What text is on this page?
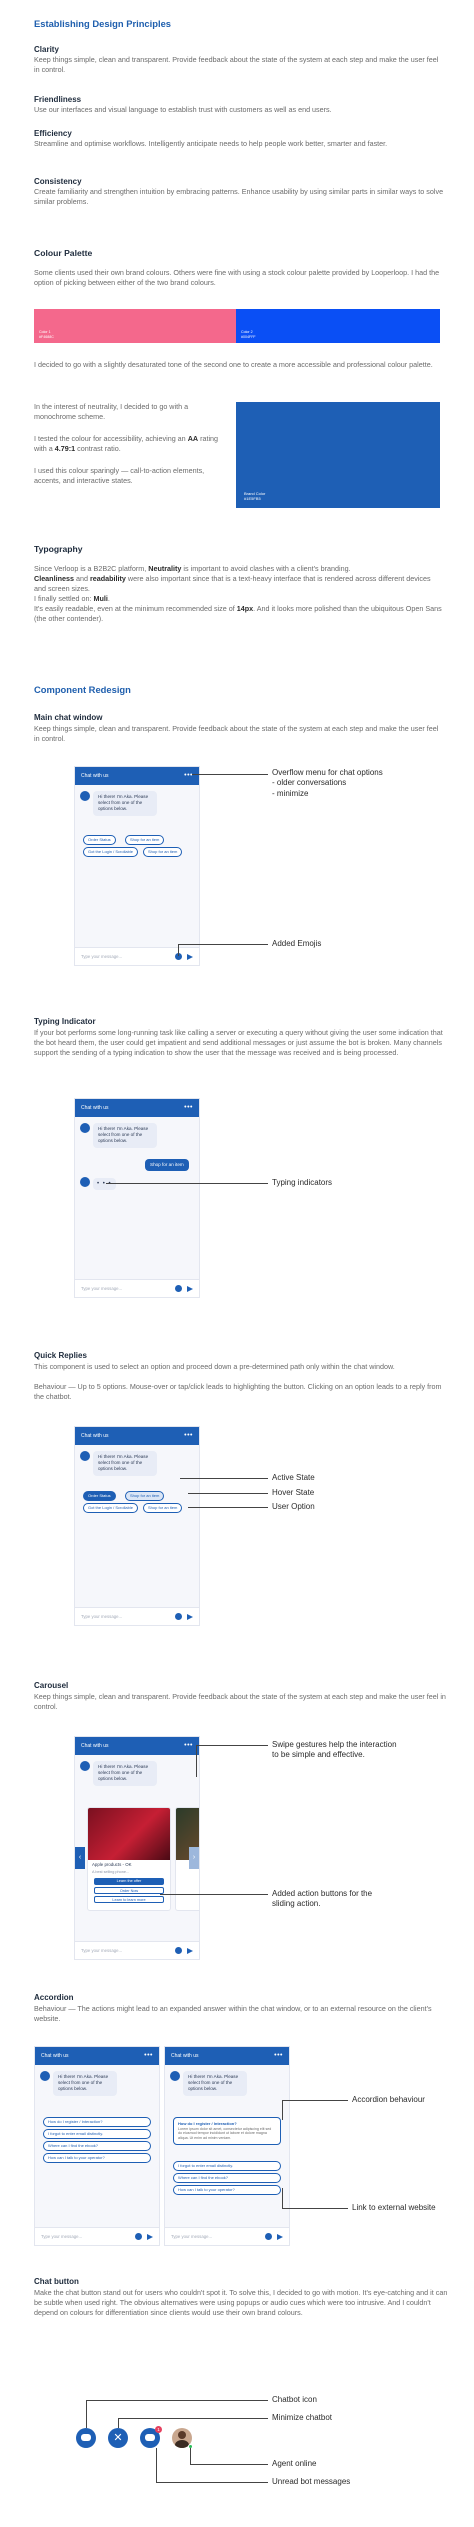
Establishing Design Principles
Clarity
Keep things simple, clean and transparent. Provide feedback about the state of the system at each step and make the user feel in control.
Friendliness
Use our interfaces and visual language to establish trust with customers as well as end users.
Efficiency
Streamline and optimise workflows. Intelligently anticipate needs to help people work better, smarter and faster.
Consistency
Create familiarity and strengthen intuition by embracing patterns. Enhance usability by using similar parts in similar ways to solve similar problems.
Colour Palette
Some clients used their own brand colours. Others were fine with using a stock colour palette provided by Looperloop. I had the option of picking between either of the two brand colours.
Color 1
#F4688C
Color 2
#004FFF
I decided to go with a slightly desaturated tone of the second one to create a more accessible and professional colour palette.
In the interest of neutrality, I decided to go with a monochrome scheme.
I tested the colour for accessibility, achieving an AA rating with a 4.79:1 contrast ratio.
I used this colour sparingly — call-to-action elements, accents, and interactive states.
Brand Color
#1E5FB5
Typography
Since Verloop is a B2B2C platform, Neutrality is important to avoid clashes with a client's branding.
Cleanliness and readability were also important since that is a text-heavy interface that is rendered across different devices and screen sizes.
I finally settled on: Muli.
It's easily readable, even at the minimum recommended size of 14px. And it looks more polished than the ubiquitous Open Sans (the other contender).
Component Redesign
Main chat window
Keep things simple, clean and transparent. Provide feedback about the state of the system at each step and make the user feel in control.
Chat with us	•••
Hi there! I'm Aka. Please select from one of the options below.
Order Status	Shop for an item
Got the Login / Scrollable	Shop for an item
Type your message...
Overflow menu for chat options
- older conversations
- minimize
Added Emojis
Typing Indicator
If your bot performs some long-running task like calling a server or executing a query without giving the user some indication that the bot heard them, the user could get impatient and send additional messages or just assume the bot is broken. Many channels support the sending of a typing indication to show the user that the message was received and is being processed.
Chat with us	•••
Hi there! I'm Aka. Please select from one of the options below.
Shop for an item
• • •
Type your message...
Typing indicators
Quick Replies
This component is used to select an option and proceed down a pre-determined path only within the chat window.
Behaviour — Up to 5 options. Mouse-over or tap/click leads to highlighting the button. Clicking on an option leads to a reply from the chatbot.
Chat with us	•••
Hi there! I'm Aka. Please select from one of the options below.
Order Status	Shop for an item
Got the Login / Scrollable	Shop for an item
Type your message...
Active State
Hover State
User Option
Carousel
Keep things simple, clean and transparent. Provide feedback about the state of the system at each step and make the user feel in control.
Chat with us	•••
Hi there! I'm Aka. Please select from one of the options below.
Apple products - OK
A best selling phone...
Learn the offer
Order Now
Learn to learn more
‹	›
Type your message...
Swipe gestures help the interaction
to be simple and effective.
Added action buttons for the
sliding action.
Accordion
Behaviour — The actions might lead to an expanded answer within the chat window, or to an external resource on the client's website.
Chat with us	•••
Hi there! I'm Aka. Please select from one of the options below.
How do I register / Interaction?
I forgot to enter email distinctly.
Where can I find the ebook?
How can I talk to your operator?
Type your message...
Chat with us	•••
Hi there! I'm Aka. Please select from one of the options below.
How do I register / Interaction?
Lorem ipsum dolor sit amet, consectetur adipiscing elit sed do eiusmod tempor incididunt ut labore et dolore magna aliqua. Ut enim ad minim veniam.
I forgot to enter email distinctly.
Where can I find the ebook?
How can I talk to your operator?
Type your message...
Accordion behaviour
Link to external website
Chat button
Make the chat button stand out for users who couldn't spot it. To solve this, I decided to go with motion. It's eye-catching and it can be subtle when used right. The obvious alternatives were using popups or audio cues which were too intrusive. And I couldn't depend on colours for differentiation since clients would use their own brand colours.
✕
1
Chatbot icon
Minimize chatbot
Agent online
Unread bot messages
